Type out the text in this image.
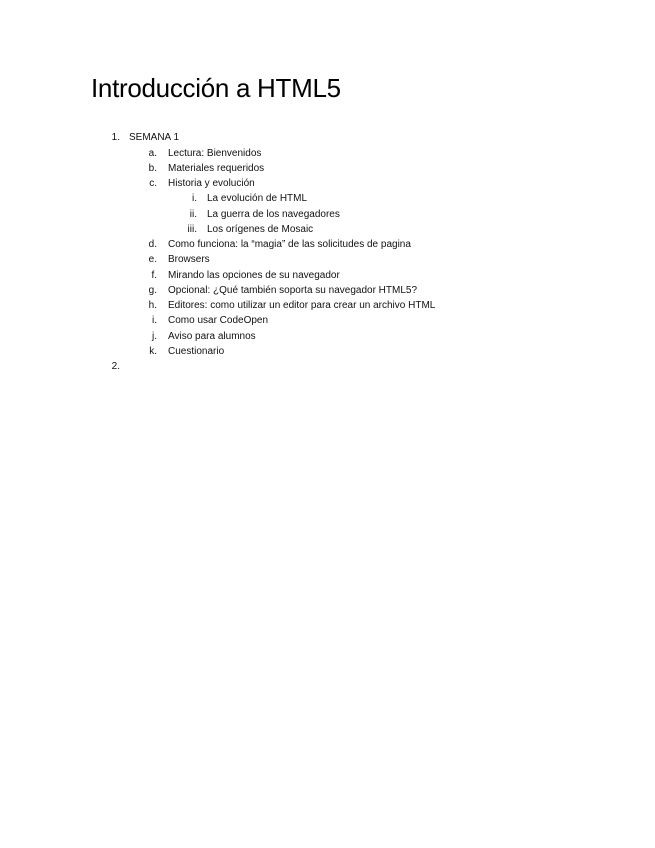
Introducción a HTML5
1. SEMANA 1
a. Lectura: Bienvenidos
b. Materiales requeridos
c. Historia y evolución
i. La evolución de HTML
ii. La guerra de los navegadores
iii. Los orígenes de Mosaic
d. Como funciona: la “magia” de las solicitudes de pagina
e. Browsers
f. Mirando las opciones de su navegador
g. Opcional: ¿Qué también soporta su navegador HTML5?
h. Editores: como utilizar un editor para crear un archivo HTML
i. Como usar CodeOpen
j. Aviso para alumnos
k. Cuestionario
2.
